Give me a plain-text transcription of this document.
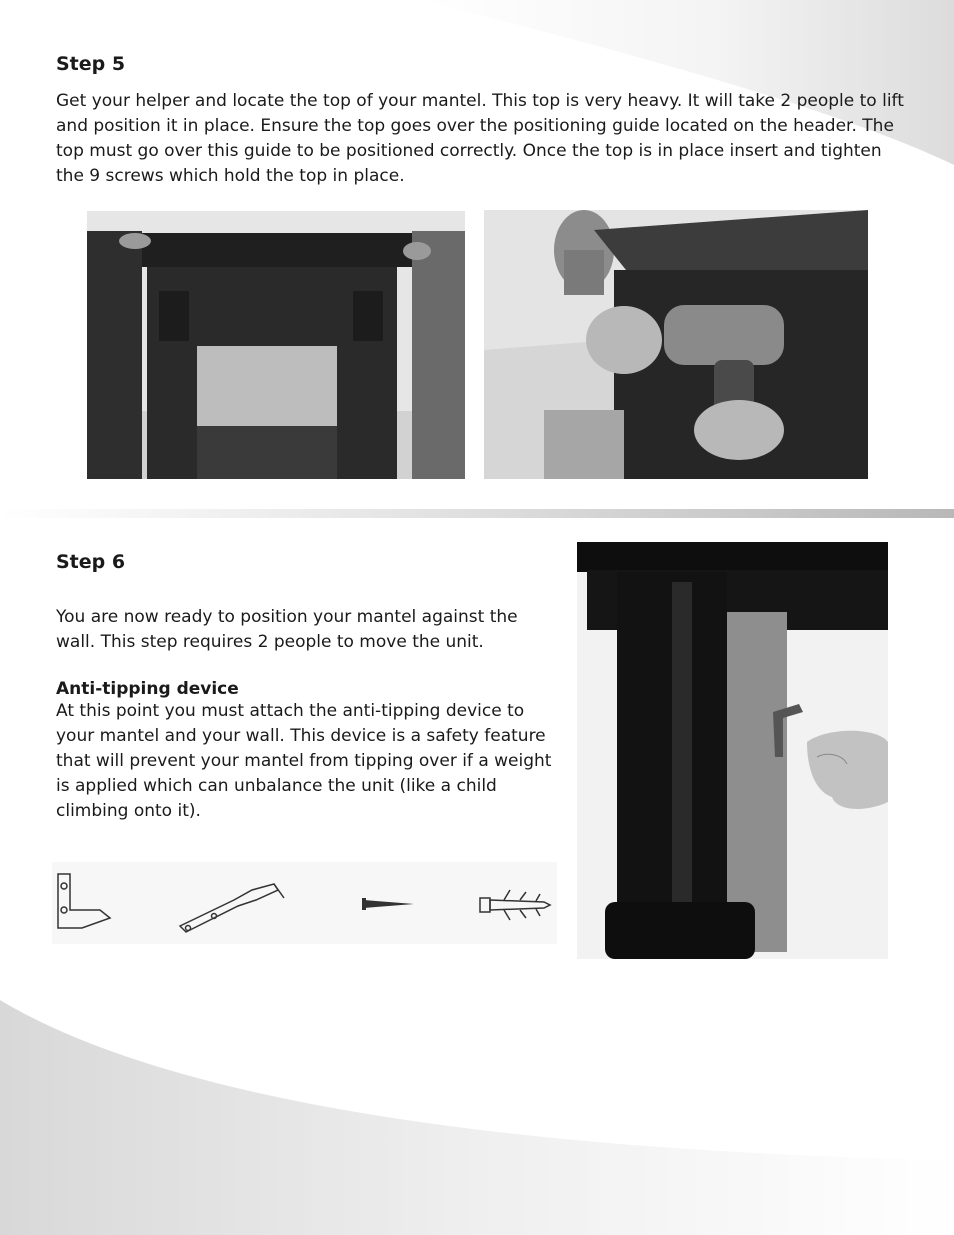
Step 5

Get your helper and locate the top of your mantel. This top is very heavy. It will take 2 people to lift and position it in place. Ensure the top goes over the positioning guide located on the header. The top must go over this guide to be positioned correctly. Once the top is in place insert and tighten the 9 screws which hold the top in place.

Step 6

You are now ready to position your mantel against the wall. This step requires 2 people to move the unit.

Anti-tipping device

At this point you must attach the anti-tipping device to your mantel and your wall. This device is a safety feature that will prevent your mantel from tipping over if a weight is applied which can unbalance the unit (like a child climbing onto it).
